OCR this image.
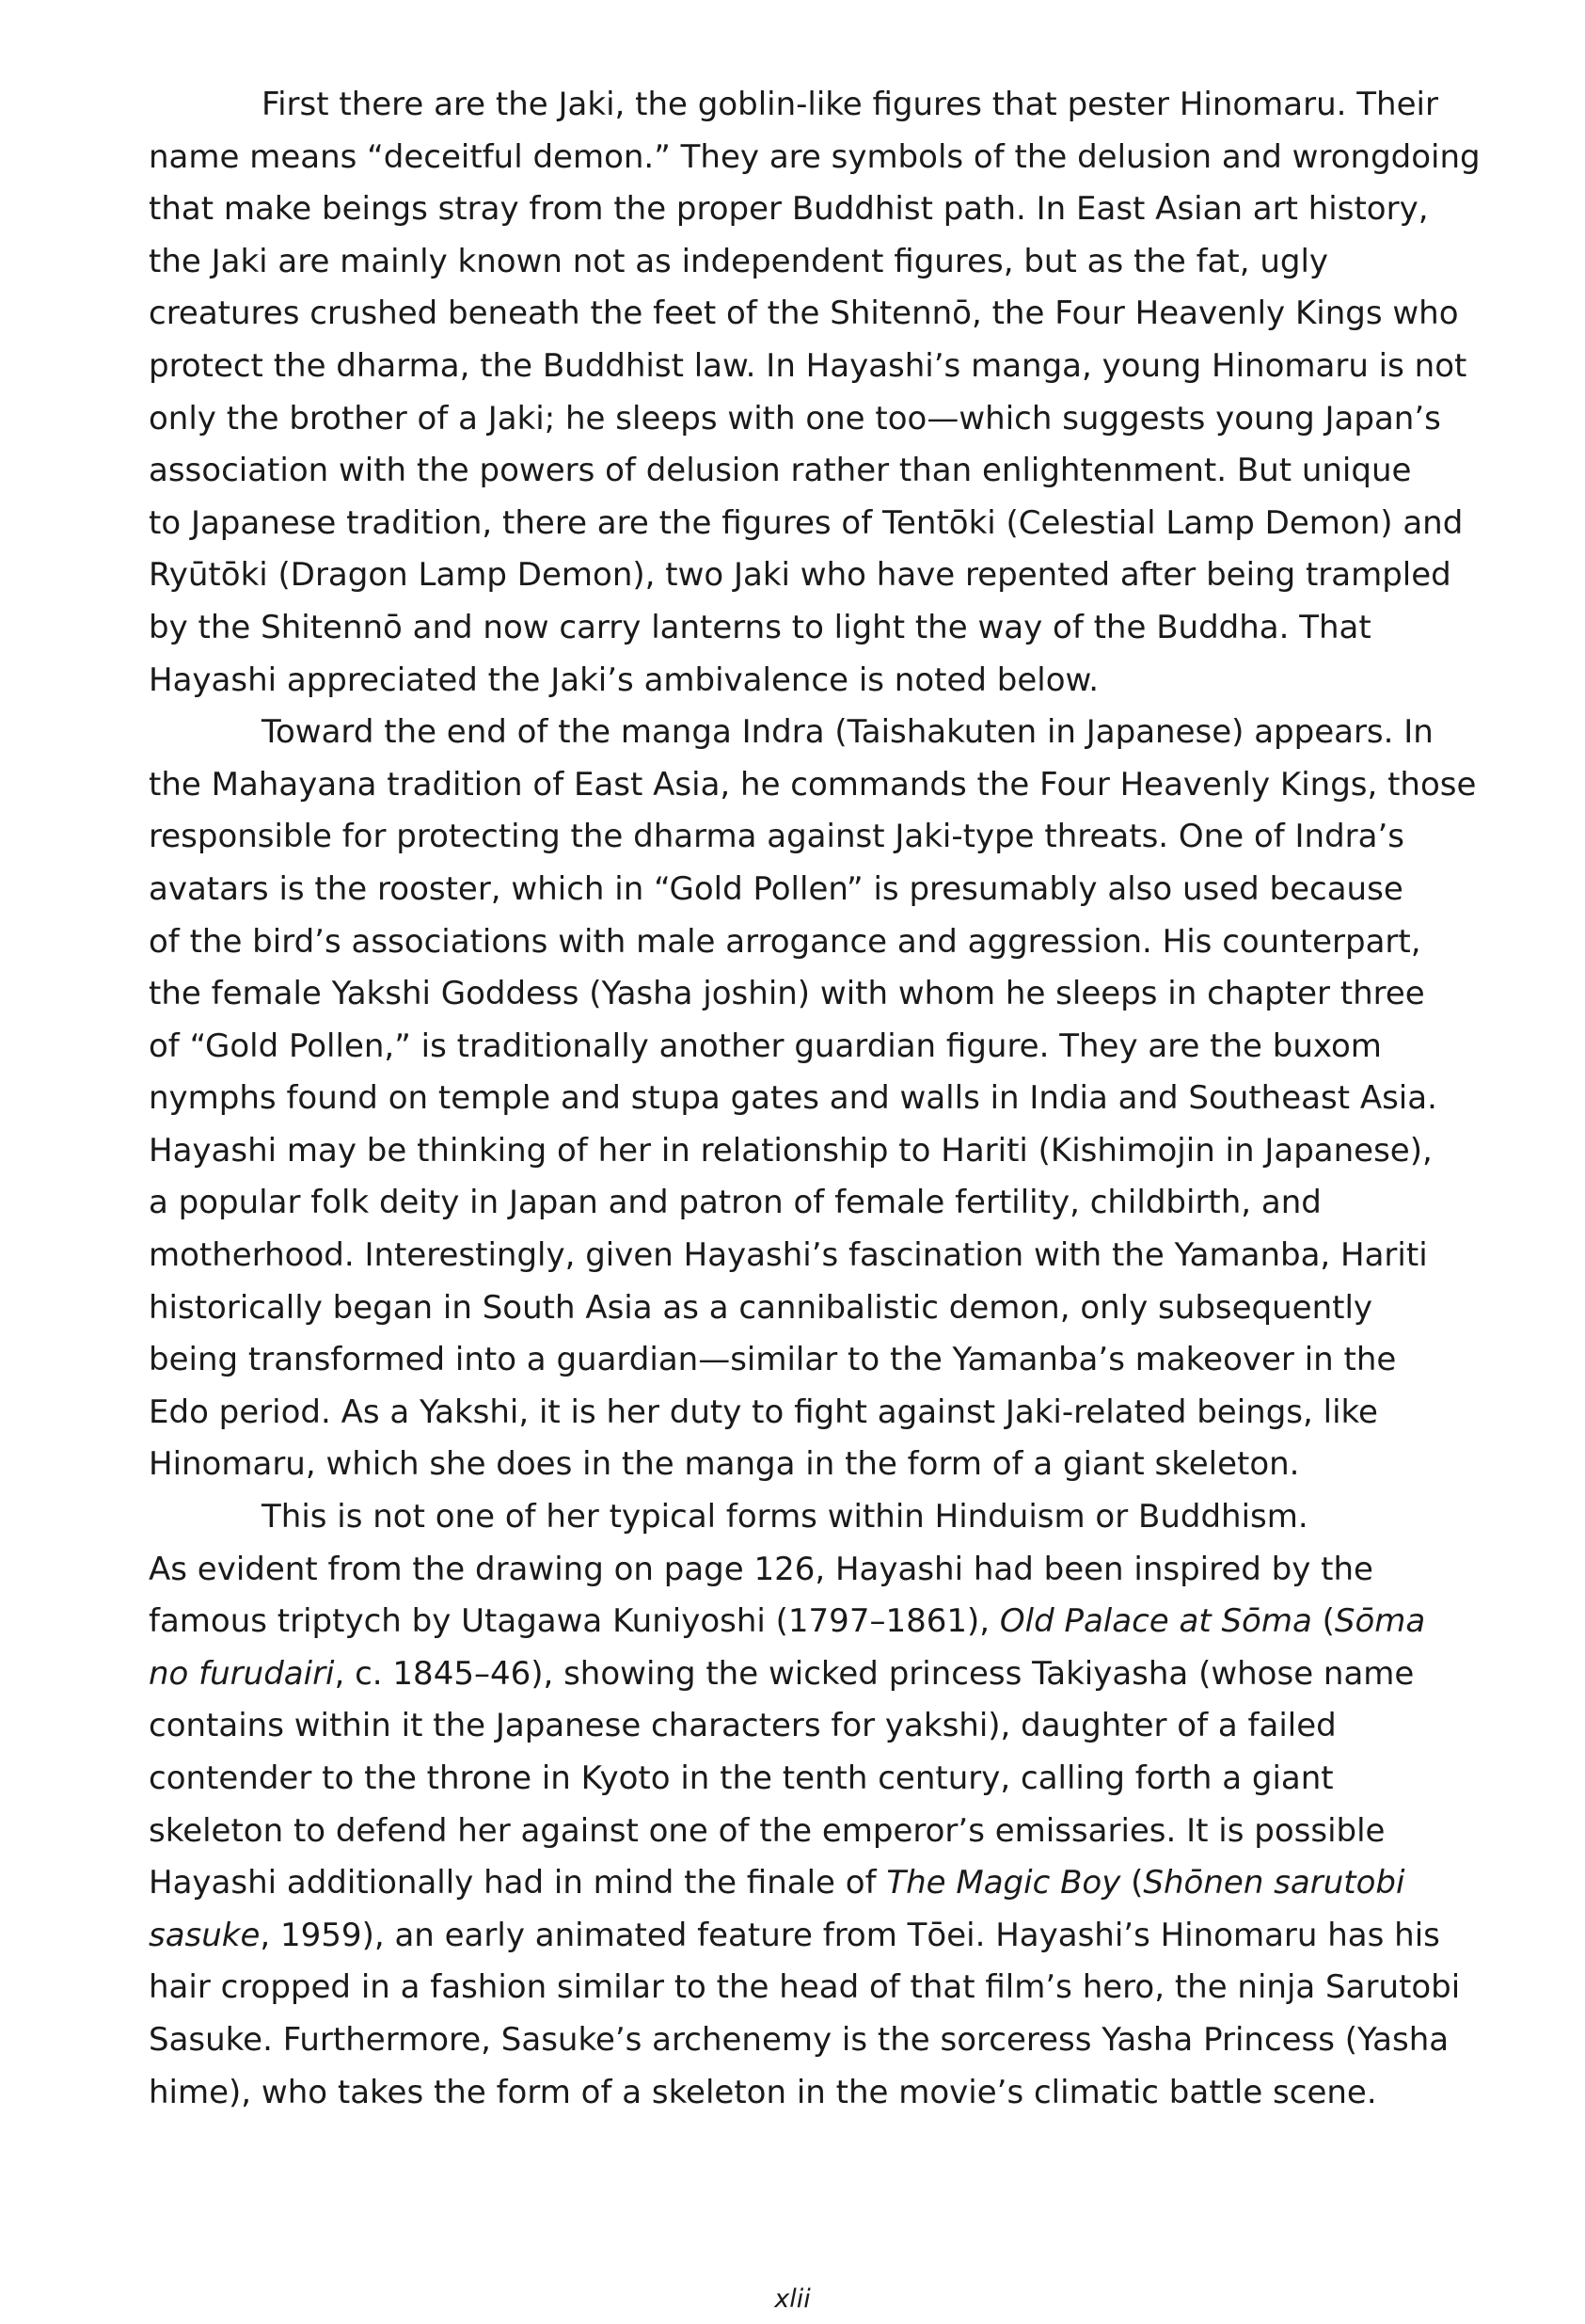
First there are the Jaki, the goblin-like figures that pester Hinomaru. Their
name means “deceitful demon.” They are symbols of the delusion and wrongdoing
that make beings stray from the proper Buddhist path. In East Asian art history,
the Jaki are mainly known not as independent figures, but as the fat, ugly
creatures crushed beneath the feet of the Shitennō, the Four Heavenly Kings who
protect the dharma, the Buddhist law. In Hayashi’s manga, young Hinomaru is not
only the brother of a Jaki; he sleeps with one too—which suggests young Japan’s
association with the powers of delusion rather than enlightenment. But unique
to Japanese tradition, there are the figures of Tentōki (Celestial Lamp Demon) and
Ryūtōki (Dragon Lamp Demon), two Jaki who have repented after being trampled
by the Shitennō and now carry lanterns to light the way of the Buddha. That
Hayashi appreciated the Jaki’s ambivalence is noted below.
Toward the end of the manga Indra (Taishakuten in Japanese) appears. In
the Mahayana tradition of East Asia, he commands the Four Heavenly Kings, those
responsible for protecting the dharma against Jaki-type threats. One of Indra’s
avatars is the rooster, which in “Gold Pollen” is presumably also used because
of the bird’s associations with male arrogance and aggression. His counterpart,
the female Yakshi Goddess (Yasha joshin) with whom he sleeps in chapter three
of “Gold Pollen,” is traditionally another guardian figure. They are the buxom
nymphs found on temple and stupa gates and walls in India and Southeast Asia.
Hayashi may be thinking of her in relationship to Hariti (Kishimojin in Japanese),
a popular folk deity in Japan and patron of female fertility, childbirth, and
motherhood. Interestingly, given Hayashi’s fascination with the Yamanba, Hariti
historically began in South Asia as a cannibalistic demon, only subsequently
being transformed into a guardian—similar to the Yamanba’s makeover in the
Edo period. As a Yakshi, it is her duty to fight against Jaki-related beings, like
Hinomaru, which she does in the manga in the form of a giant skeleton.
This is not one of her typical forms within Hinduism or Buddhism.
As evident from the drawing on page 126, Hayashi had been inspired by the
famous triptych by Utagawa Kuniyoshi (1797–1861), Old Palace at Sōma (Sōma
no furudairi, c. 1845–46), showing the wicked princess Takiyasha (whose name
contains within it the Japanese characters for yakshi), daughter of a failed
contender to the throne in Kyoto in the tenth century, calling forth a giant
skeleton to defend her against one of the emperor’s emissaries. It is possible
Hayashi additionally had in mind the finale of The Magic Boy (Shōnen sarutobi
sasuke, 1959), an early animated feature from Tōei. Hayashi’s Hinomaru has his
hair cropped in a fashion similar to the head of that film’s hero, the ninja Sarutobi
Sasuke. Furthermore, Sasuke’s archenemy is the sorceress Yasha Princess (Yasha
hime), who takes the form of a skeleton in the movie’s climatic battle scene.
xlii
